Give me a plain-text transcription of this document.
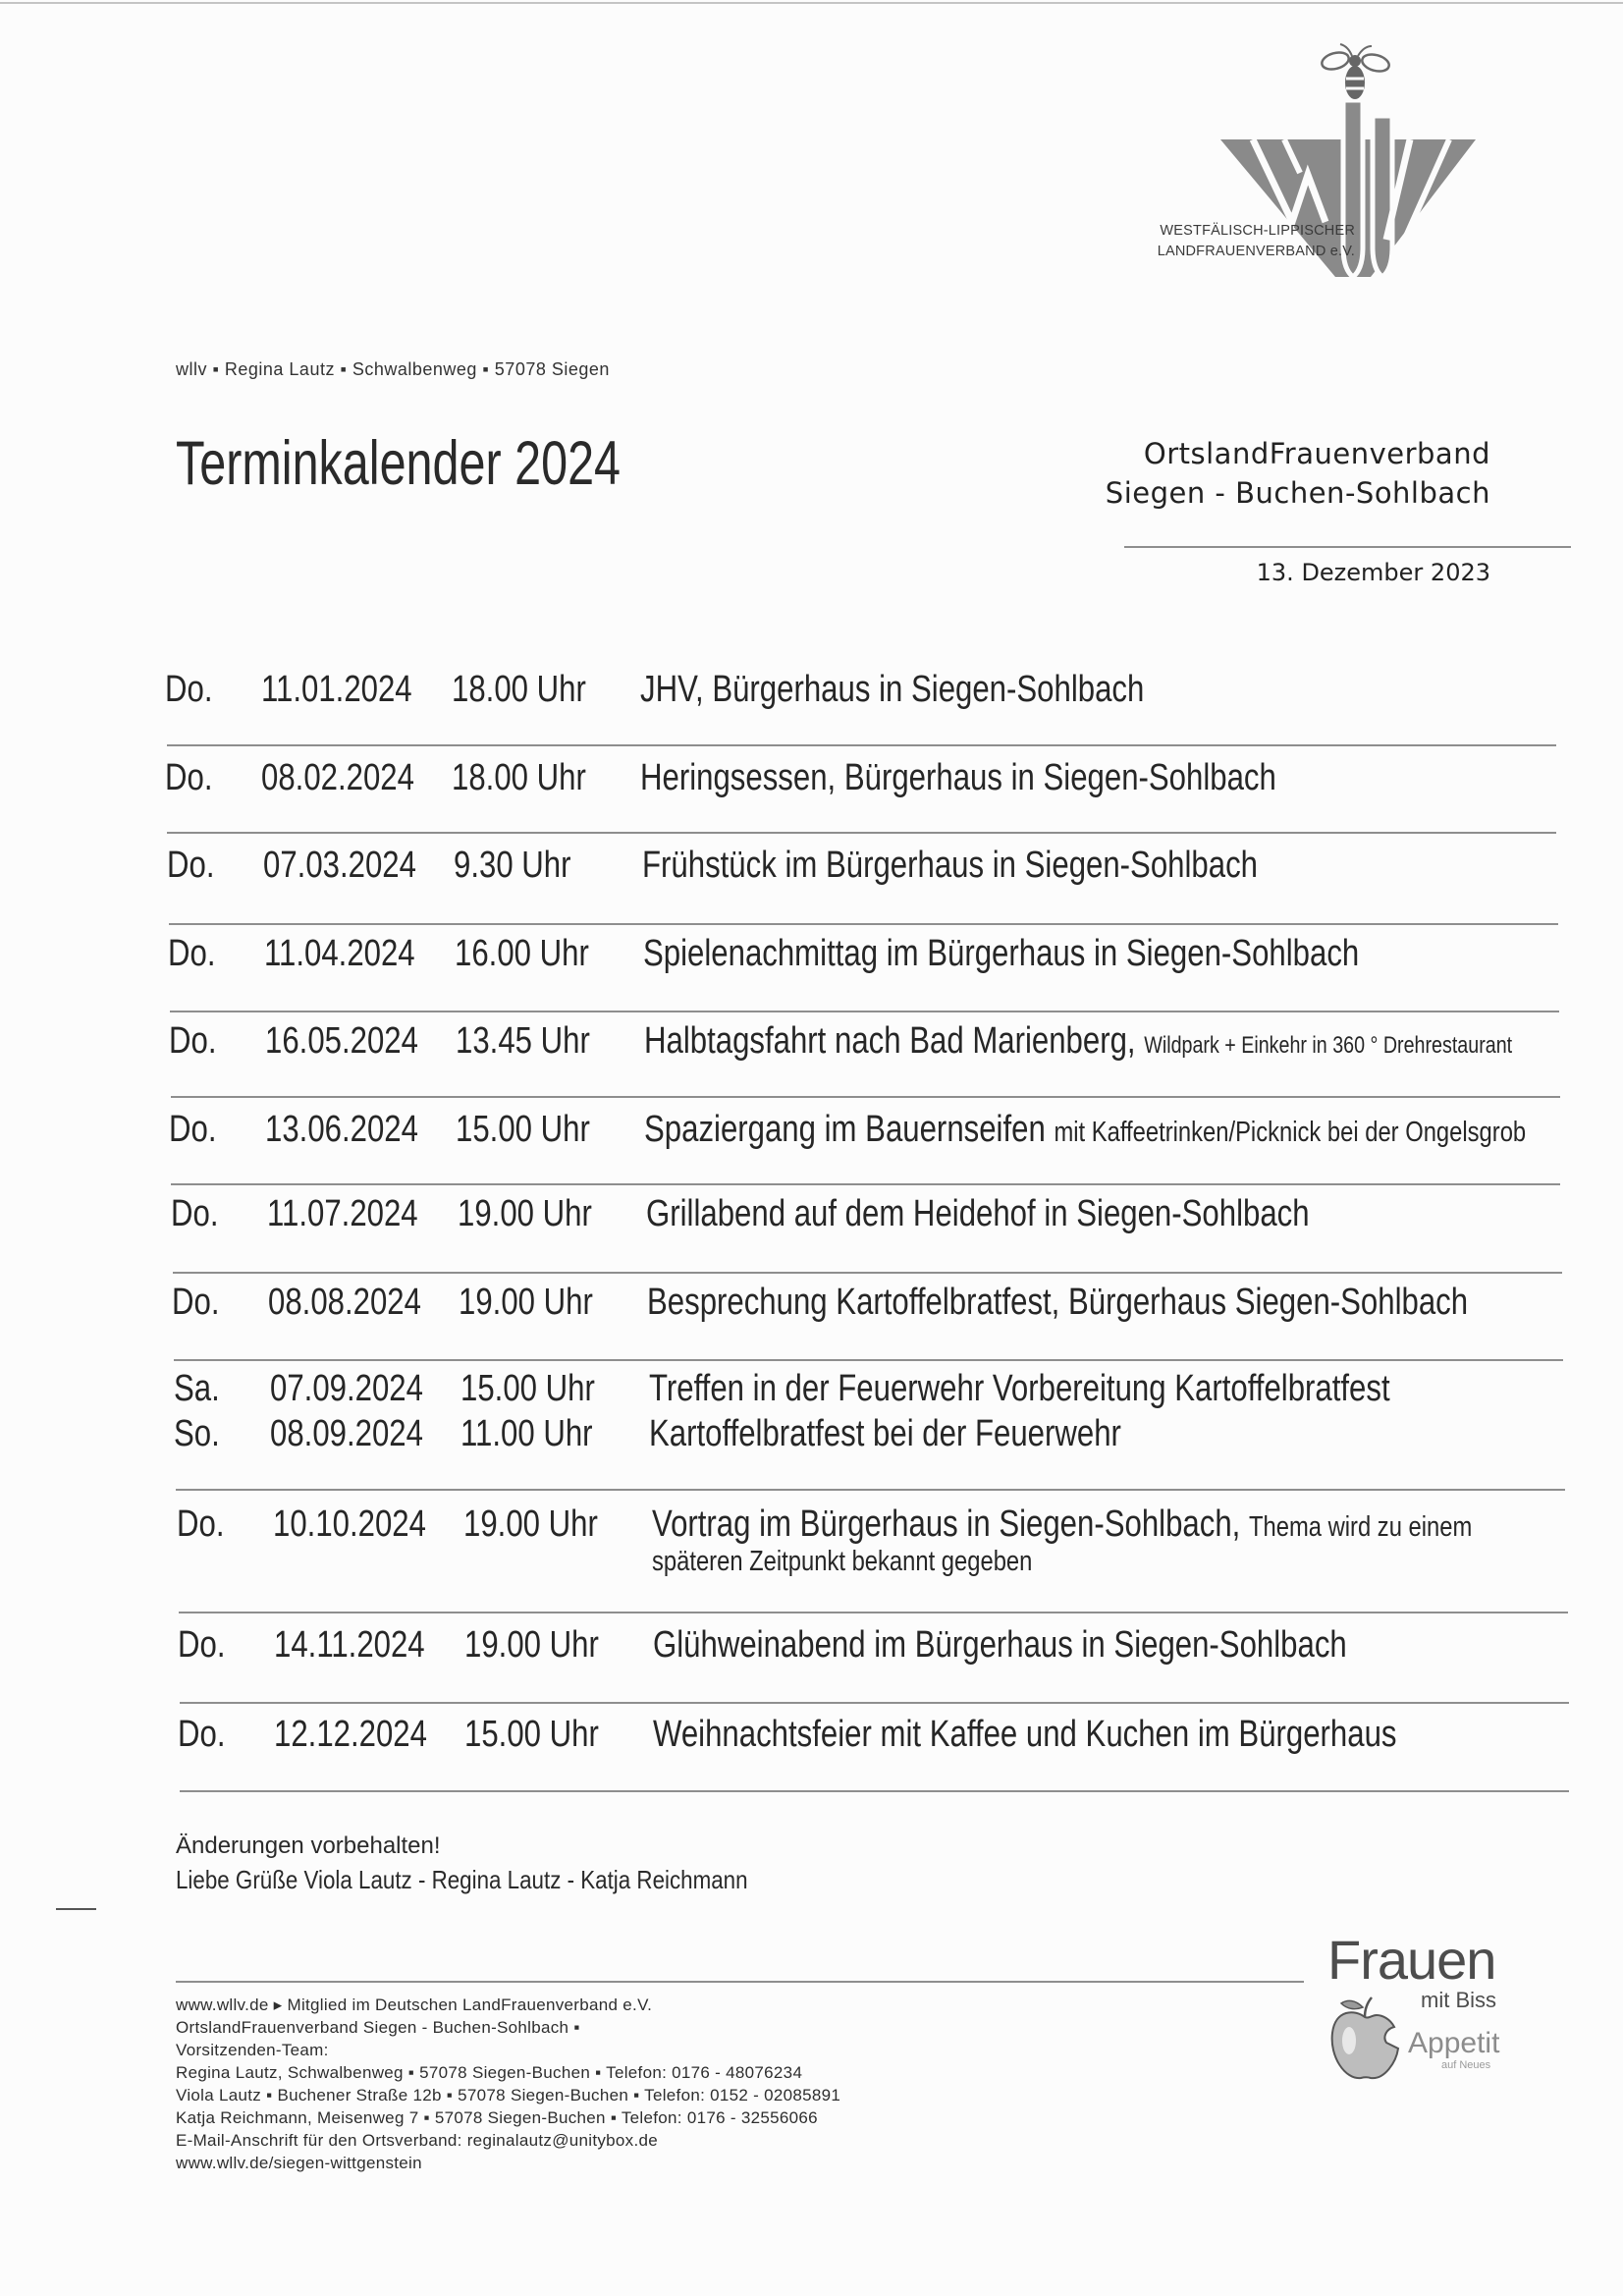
WESTFÄLISCH-LIPPISCHER
LANDFRAUENVERBAND e.V.
wllv ▪ Regina Lautz ▪ Schwalbenweg ▪ 57078 Siegen
Terminkalender 2024	OrtslandFrauenverband
Siegen - Buchen-Sohlbach
13. Dezember 2023
Do. 11.01.2024 18.00 Uhr JHV, Bürgerhaus in Siegen-Sohlbach
Do. 08.02.2024 18.00 Uhr Heringsessen, Bürgerhaus in Siegen-Sohlbach
Do. 07.03.2024 9.30 Uhr Frühstück im Bürgerhaus in Siegen-Sohlbach
Do. 11.04.2024 16.00 Uhr Spielenachmittag im Bürgerhaus in Siegen-Sohlbach
Do. 16.05.2024 13.45 Uhr Halbtagsfahrt nach Bad Marienberg, Wildpark + Einkehr in 360 ° Drehrestaurant
Do. 13.06.2024 15.00 Uhr Spaziergang im Bauernseifen mit Kaffeetrinken/Picknick bei der Ongelsgrob
Do. 11.07.2024 19.00 Uhr Grillabend auf dem Heidehof in Siegen-Sohlbach
Do. 08.08.2024 19.00 Uhr Besprechung Kartoffelbratfest, Bürgerhaus Siegen-Sohlbach
Sa. 07.09.2024 15.00 Uhr Treffen in der Feuerwehr Vorbereitung Kartoffelbratfest
So. 08.09.2024 11.00 Uhr Kartoffelbratfest bei der Feuerwehr
Do. 10.10.2024 19.00 Uhr Vortrag im Bürgerhaus in Siegen-Sohlbach, Thema wird zu einem
späteren Zeitpunkt bekannt gegeben
Do. 14.11.2024 19.00 Uhr Glühweinabend im Bürgerhaus in Siegen-Sohlbach
Do. 12.12.2024 15.00 Uhr Weihnachtsfeier mit Kaffee und Kuchen im Bürgerhaus
Änderungen vorbehalten!
Liebe Grüße Viola Lautz - Regina Lautz - Katja Reichmann
www.wllv.de ▸ Mitglied im Deutschen LandFrauenverband e.V.
OrtslandFrauenverband Siegen - Buchen-Sohlbach ▪
Vorsitzenden-Team:
Regina Lautz, Schwalbenweg ▪ 57078 Siegen-Buchen ▪ Telefon: 0176 - 48076234
Viola Lautz ▪ Buchener Straße 12b ▪ 57078 Siegen-Buchen ▪ Telefon: 0152 - 02085891
Katja Reichmann, Meisenweg 7 ▪ 57078 Siegen-Buchen ▪ Telefon: 0176 - 32556066
E-Mail-Anschrift für den Ortsverband: reginalautz@unitybox.de
www.wllv.de/siegen-wittgenstein
Frauen
mit Biss
Appetit
auf Neues
